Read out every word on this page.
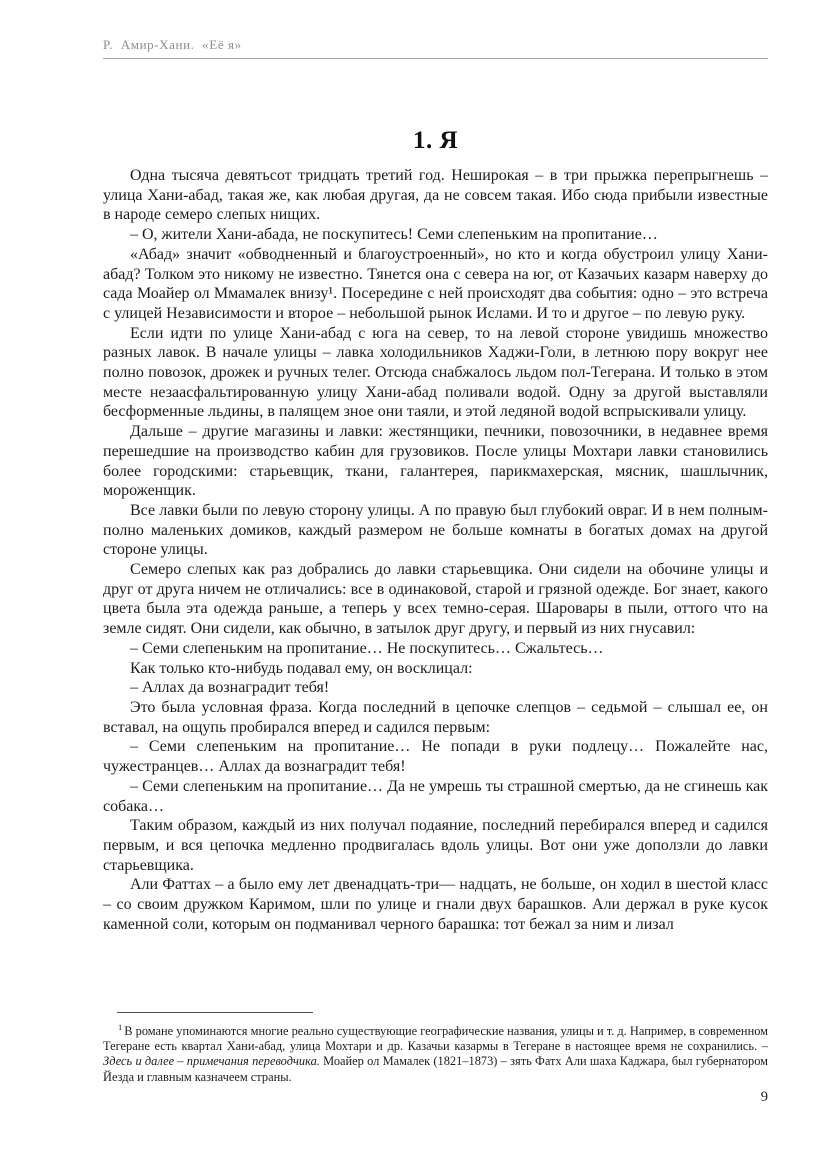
Р.  Амир-Хани.  «Её я»
1. Я

Одна тысяча девятьсот тридцать третий год. Неширокая – в три прыжка перепрыгнешь – улица Хани-абад, такая же, как любая другая, да не совсем такая. Ибо сюда прибыли известные в народе семеро слепых нищих.

– О, жители Хани-абада, не поскупитесь! Семи слепеньким на пропитание…

«Абад» значит «обводненный и благоустроенный», но кто и когда обустроил улицу Хани-абад? Толком это никому не известно. Тянется она с севера на юг, от Казачьих казарм наверху до сада Моайер ол Ммамалек внизу¹. Посередине с ней происходят два события: одно – это встреча с улицей Независимости и второе – небольшой рынок Ислами. И то и другое – по левую руку.

Если идти по улице Хани-абад с юга на север, то на левой стороне увидишь множество разных лавок. В начале улицы – лавка холодильников Хаджи-Голи, в летнюю пору вокруг нее полно повозок, дрожек и ручных телег. Отсюда снабжалось льдом пол-Тегерана. И только в этом месте незаасфальтированную улицу Хани-абад поливали водой. Одну за другой выставляли бесформенные льдины, в палящем зное они таяли, и этой ледяной водой вспрыскивали улицу.

Дальше – другие магазины и лавки: жестянщики, печники, повозочники, в недавнее время перешедшие на производство кабин для грузовиков. После улицы Мохтари лавки становились более городскими: старьевщик, ткани, галантерея, парикмахерская, мясник, шашлычник, мороженщик.

Все лавки были по левую сторону улицы. А по правую был глубокий овраг. И в нем полным-полно маленьких домиков, каждый размером не больше комнаты в богатых домах на другой стороне улицы.

Семеро слепых как раз добрались до лавки старьевщика. Они сидели на обочине улицы и друг от друга ничем не отличались: все в одинаковой, старой и грязной одежде. Бог знает, какого цвета была эта одежда раньше, а теперь у всех темно-серая. Шаровары в пыли, оттого что на земле сидят. Они сидели, как обычно, в затылок друг другу, и первый из них гнусавил:

– Семи слепеньким на пропитание… Не поскупитесь… Сжальтесь…

Как только кто-нибудь подавал ему, он восклицал:

– Аллах да вознаградит тебя!

Это была условная фраза. Когда последний в цепочке слепцов – седьмой – слышал ее, он вставал, на ощупь пробирался вперед и садился первым:

– Семи слепеньким на пропитание… Не попади в руки подлецу… Пожалейте нас, чужестранцев… Аллах да вознаградит тебя!

– Семи слепеньким на пропитание… Да не умрешь ты страшной смертью, да не сгинешь как собака…

Таким образом, каждый из них получал подаяние, последний перебирался вперед и садился первым, и вся цепочка медленно продвигалась вдоль улицы. Вот они уже доползли до лавки старьевщика.

Али Фаттах – а было ему лет двенадцать-три— надцать, не больше, он ходил в шестой класс – со своим дружком Каримом, шли по улице и гнали двух барашков. Али держал в руке кусок каменной соли, которым он подманивал черного барашка: тот бежал за ним и лизал

$^1$ В романе упоминаются многие реально существующие географические названия, улицы и т. д. Например, в современном Тегеране есть квартал Хани-абад, улица Мохтари и др. Казачьи казармы в Тегеране в настоящее время не сохранились. – Здесь и далее – примечания переводчика. Моайер ол Мамалек (1821–1873) – зять Фатх Али шаха Каджара, был губернатором Йезда и главным казначеем страны.
9
